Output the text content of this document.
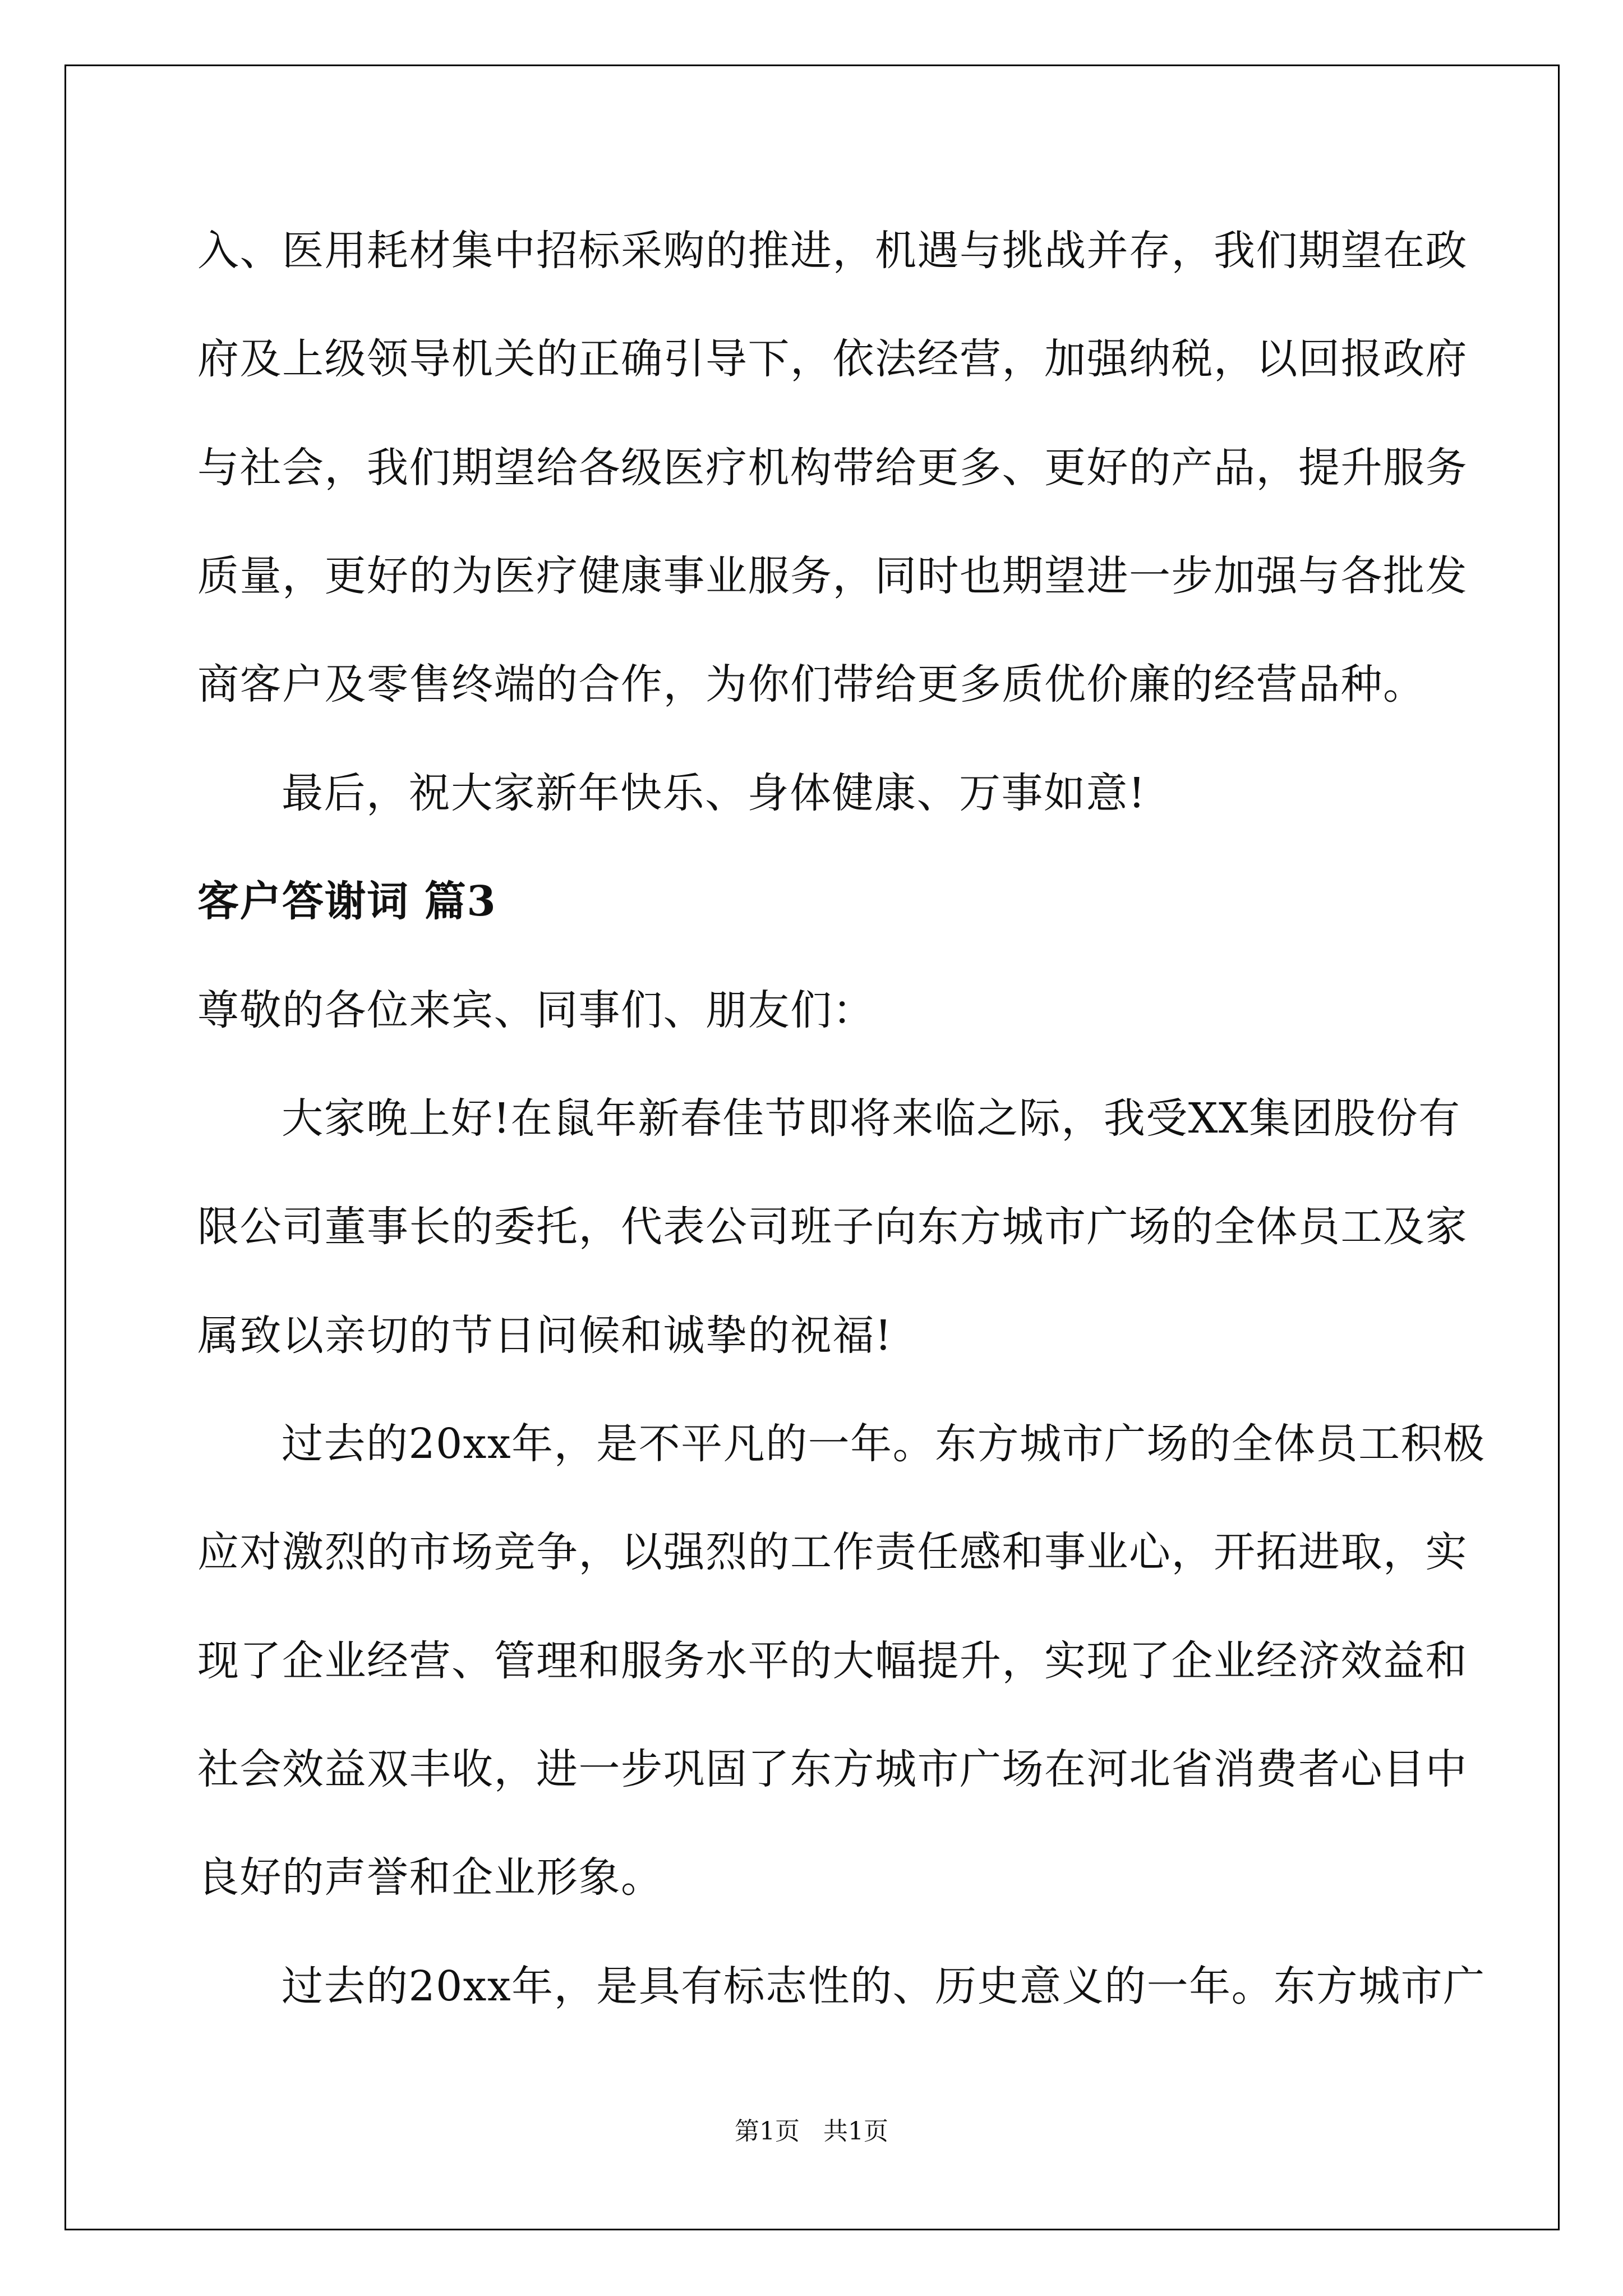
入、医用耗材集中招标采购的推进，机遇与挑战并存，我们期望在政

府及上级领导机关的正确引导下，依法经营，加强纳税，以回报政府

与社会，我们期望给各级医疗机构带给更多、更好的产品，提升服务

质量，更好的为医疗健康事业服务，同时也期望进一步加强与各批发

商客户及零售终端的合作，为你们带给更多质优价廉的经营品种。

最后，祝大家新年快乐、身体健康、万事如意!

客户答谢词 篇3

尊敬的各位来宾、同事们、朋友们：

大家晚上好!在鼠年新春佳节即将来临之际，我受XX集团股份有

限公司董事长的委托，代表公司班子向东方城市广场的全体员工及家

属致以亲切的节日问候和诚挚的祝福!

过去的20xx年，是不平凡的一年。东方城市广场的全体员工积极

应对激烈的市场竞争，以强烈的工作责任感和事业心，开拓进取，实

现了企业经营、管理和服务水平的大幅提升，实现了企业经济效益和

社会效益双丰收，进一步巩固了东方城市广场在河北省消费者心目中

良好的声誉和企业形象。

过去的20xx年，是具有标志性的、历史意义的一年。东方城市广

第1页   共1页
